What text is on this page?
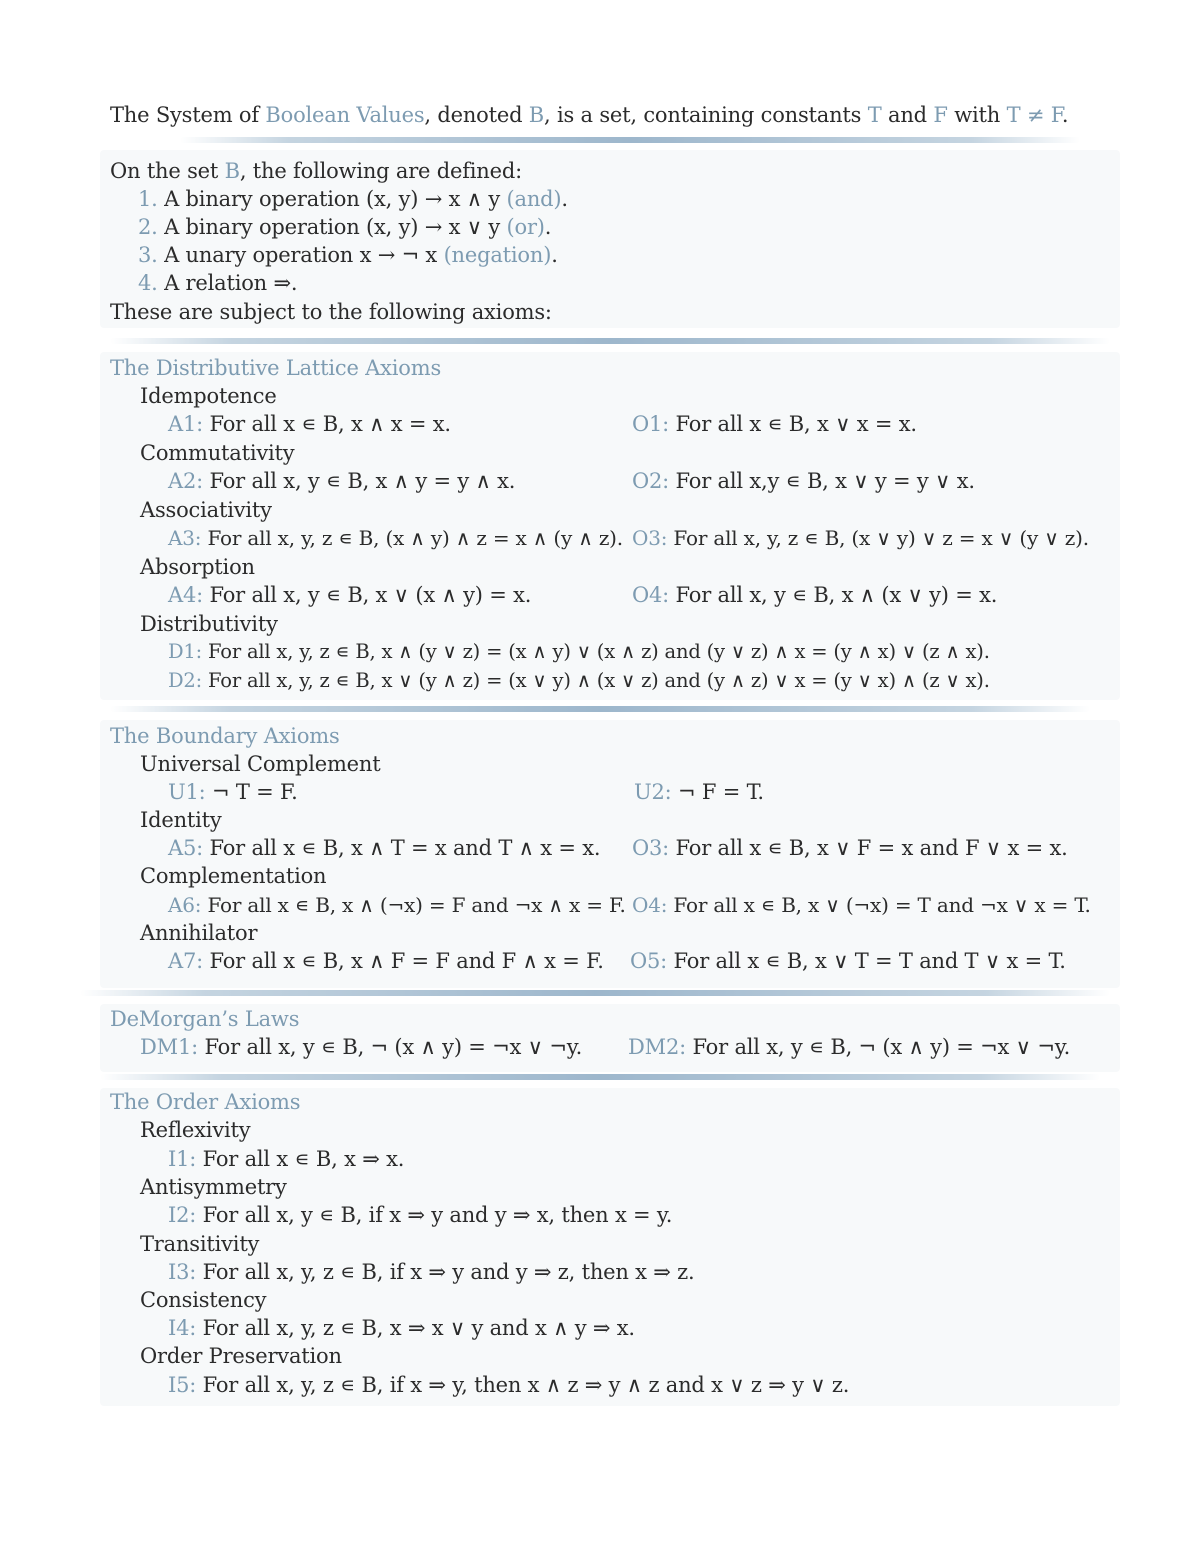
The System of Boolean Values, denoted B, is a set, containing constants T and F with T ≠ F.
On the set B, the following are defined:
1. A binary operation (x, y) → x ∧ y (and).
2. A binary operation (x, y) → x ∨ y (or).
3. A unary operation x → ¬ x (negation).
4. A relation ⇒.
These are subject to the following axioms:
The Distributive Lattice Axioms
Idempotence
A1: For all x ∊ B, x ∧ x = x.	O1: For all x ∊ B, x ∨ x = x.
Commutativity
A2: For all x, y ∊ B, x ∧ y = y ∧ x.	O2: For all x,y ∊ B, x ∨ y = y ∨ x.
Associativity
A3: For all x, y, z ∊ B, (x ∧ y) ∧ z = x ∧ (y ∧ z). O3: For all x, y, z ∊ B, (x ∨ y) ∨ z = x ∨ (y ∨ z).
Absorption
A4: For all x, y ∊ B, x ∨ (x ∧ y) = x.	O4: For all x, y ∊ B, x ∧ (x ∨ y) = x.
Distributivity
D1: For all x, y, z ∊ B, x ∧ (y ∨ z) = (x ∧ y) ∨ (x ∧ z) and (y ∨ z) ∧ x = (y ∧ x) ∨ (z ∧ x).
D2: For all x, y, z ∊ B, x ∨ (y ∧ z) = (x ∨ y) ∧ (x ∨ z) and (y ∧ z) ∨ x = (y ∨ x) ∧ (z ∨ x).
The Boundary Axioms
Universal Complement
U1: ¬ T = F.	U2: ¬ F = T.
Identity
A5: For all x ∊ B, x ∧ T = x and T ∧ x = x. O3: For all x ∊ B, x ∨ F = x and F ∨ x = x.
Complementation
A6: For all x ∊ B, x ∧ (¬x) = F and ¬x ∧ x = F. O4: For all x ∊ B, x ∨ (¬x) = T and ¬x ∨ x = T.
Annihilator
A7: For all x ∊ B, x ∧ F = F and F ∧ x = F. O5: For all x ∊ B, x ∨ T = T and T ∨ x = T.
DeMorgan’s Laws
DM1: For all x, y ∊ B, ¬ (x ∧ y) = ¬x ∨ ¬y. DM2: For all x, y ∊ B, ¬ (x ∧ y) = ¬x ∨ ¬y.
The Order Axioms
Reflexivity
I1: For all x ∊ B, x ⇒ x.
Antisymmetry
I2: For all x, y ∊ B, if x ⇒ y and y ⇒ x, then x = y.
Transitivity
I3: For all x, y, z ∊ B, if x ⇒ y and y ⇒ z, then x ⇒ z.
Consistency
I4: For all x, y, z ∊ B, x ⇒ x ∨ y and x ∧ y ⇒ x.
Order Preservation
I5: For all x, y, z ∊ B, if x ⇒ y, then x ∧ z ⇒ y ∧ z and x ∨ z ⇒ y ∨ z.
